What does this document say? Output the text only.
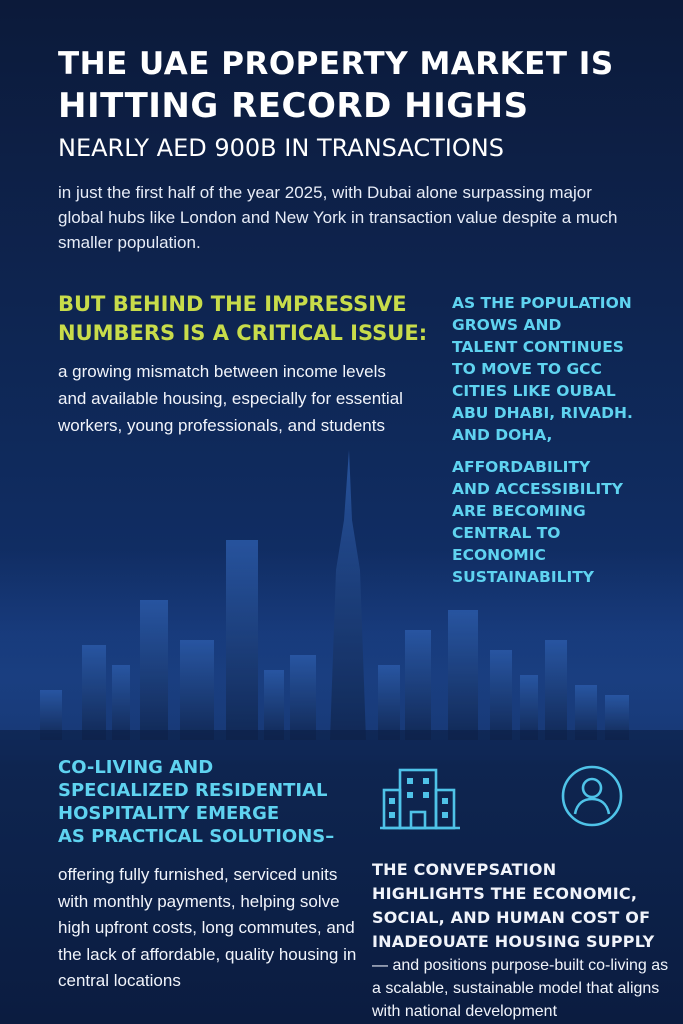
THE UAE PROPERTY MARKET IS
HITTING RECORD HIGHS
NEARLY AED 900B IN TRANSACTIONS
in just the first half of the year 2025, with Dubai alone surpassing major global hubs like London and New York in transaction value despite a much smaller population.
BUT BEHIND THE IMPRESSIVE
NUMBERS IS A CRITICAL ISSUE:
a growing mismatch between income levels and available housing, especially for essential workers, young professionals, and students
AS THE POPULATION
GROWS AND
TALENT CONTINUES
TO MOVE TO GCC
CITIES LIKE OUBAL
ABU DHABI, RIVADH.
AND DOHA,
AFFORDABILITY
AND ACCESSIBILITY
ARE BECOMING
CENTRAL TO
ECONOMIC
SUSTAINABILITY
CO-LIVING AND
SPECIALIZED RESIDENTIAL
HOSPITALITY EMERGE
AS PRACTICAL SOLUTIONS–
offering fully furnished, serviced units with monthly payments, helping solve high upfront costs, long commutes, and the lack of affordable, quality housing in central locations
THE CONVEPSATION HIGHLIGHTS THE ECONOMIC, SOCIAL, AND HUMAN COST OF INADEOUATE HOUSING SUPPLY — and positions purpose-built co-living as a scalable, sustainable model that aligns with national development
